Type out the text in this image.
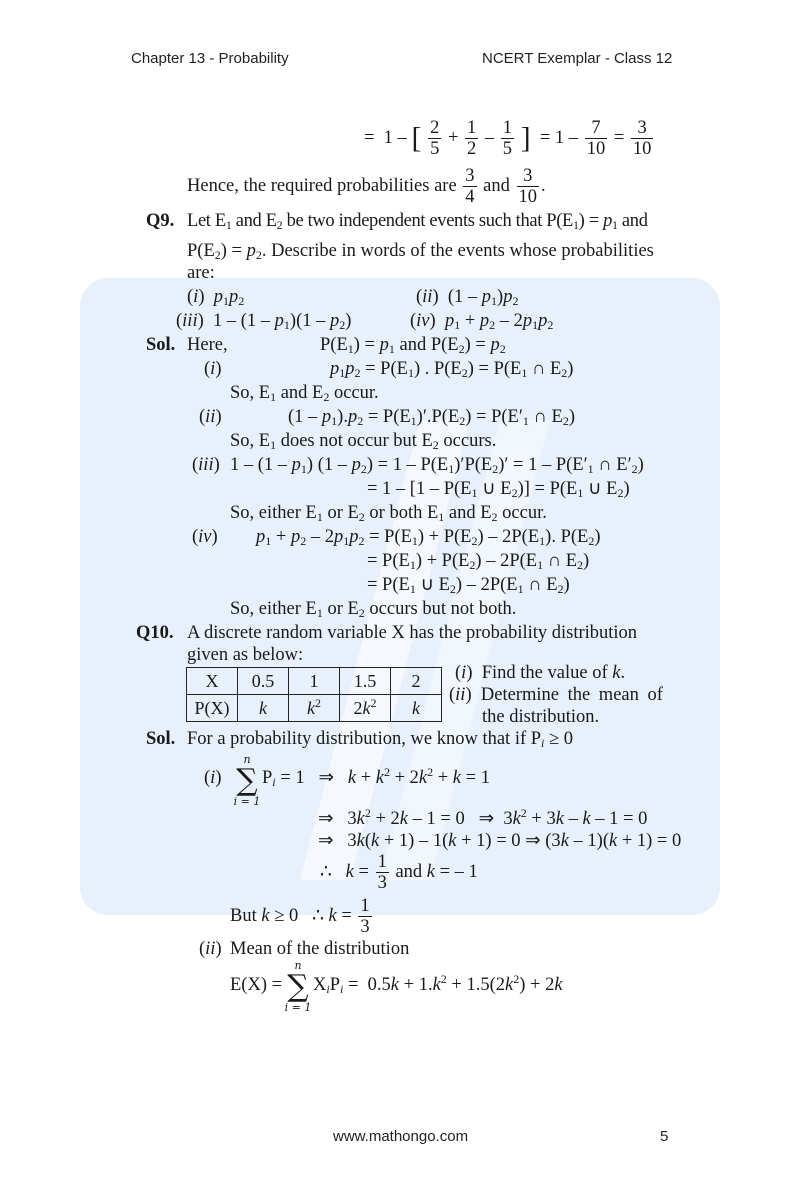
Chapter 13 - Probability	NCERT Exemplar - Class 12
=  1 – [ $\frac{2}{5} + \frac{1}{2} - \frac{1}{5}$ ]  = $1 - \frac{7}{10} = \frac{3}{10}$
Hence, the required probabilities are $\frac{3}{4}$ and $\frac{3}{10}$ .
Q9. Let $E_1$ and $E_2$ be two independent events such that $P(E_1) = p_1$ and
$P(E_2) = p_2$. Describe in words of the events whose probabilities
are:
(i)  $p_1p_2$	(ii)  $(1 - p_1)p_2$
(iii)  $1 - (1 - p_1)(1 - p_2)$	(iv)  $p_1 + p_2 - 2p_1p_2$
Sol. Here,	$P(E_1) = p_1$ and $P(E_2) = p_2$
(i)	$p_1p_2 = P(E_1)$ . $P(E_2) = P(E_1$ ∩ $E_2$)
So, $E_1$ and $E_2$ occur.
(ii)	$(1 - p_1).p_2 = P(E_1)'.P(E_2) = P(E'_1$ ∩ $E_2$)
So, $E_1$ does not occur but $E_2$ occurs.
(iii) $1 - (1 - p_1)$ $(1 - p_2) = 1 - P(E_1)'P(E_2)' = 1 - P(E'_1$ ∩ $E'_2$)
= $1 - [1 - P(E_1$ ∪ $E_2)] = P(E_1$ ∪ $E_2$)
So, either $E_1$ or $E_2$ or both $E_1$ and $E_2$ occur.
(iv) $p_1 + p_2 - 2p_1p_2 = P(E_1) + P(E_2) - 2P(E_1)$. $P(E_2)$
= $P(E_1) + P(E_2) - 2P(E_1$ ∩ $E_2$)
= $P(E_1$ ∪ $E_2) - 2P(E_1$ ∩ $E_2$)
So, either $E_1$ or $E_2$ occurs but not both.
Q10. A discrete random variable X has the probability distribution
given as below:
X	0.5	1	1.5	2
P(X)	k	$k^2$	$2k^2$	k
(i)  Find the value of k.
(ii)  Determine the mean of
the distribution.
Sol. For a probability distribution, we know that if $P_i \ge 0$
(i)
n
∑
i = 1
$P_i = 1$   ⇒   $k + k^2 + 2k^2 + k = 1$
⇒   $3k^2 + 2k - 1 = 0$   ⇒  $3k^2 + 3k - k - 1 = 0$
⇒   3k(k + 1) – 1(k + 1) = 0 ⇒ (3k – 1)(k + 1) = 0
∴   $k = \frac{1}{3}$ and k = – 1
But k ≥ 0   ∴ $k = \frac{1}{3}$
(ii) Mean of the distribution
E(X) =
n
∑
i = 1
$X_iP_i = 0.5k + 1.k^2 + 1.5(2k^2) + 2k$
www.mathongo.com	5
